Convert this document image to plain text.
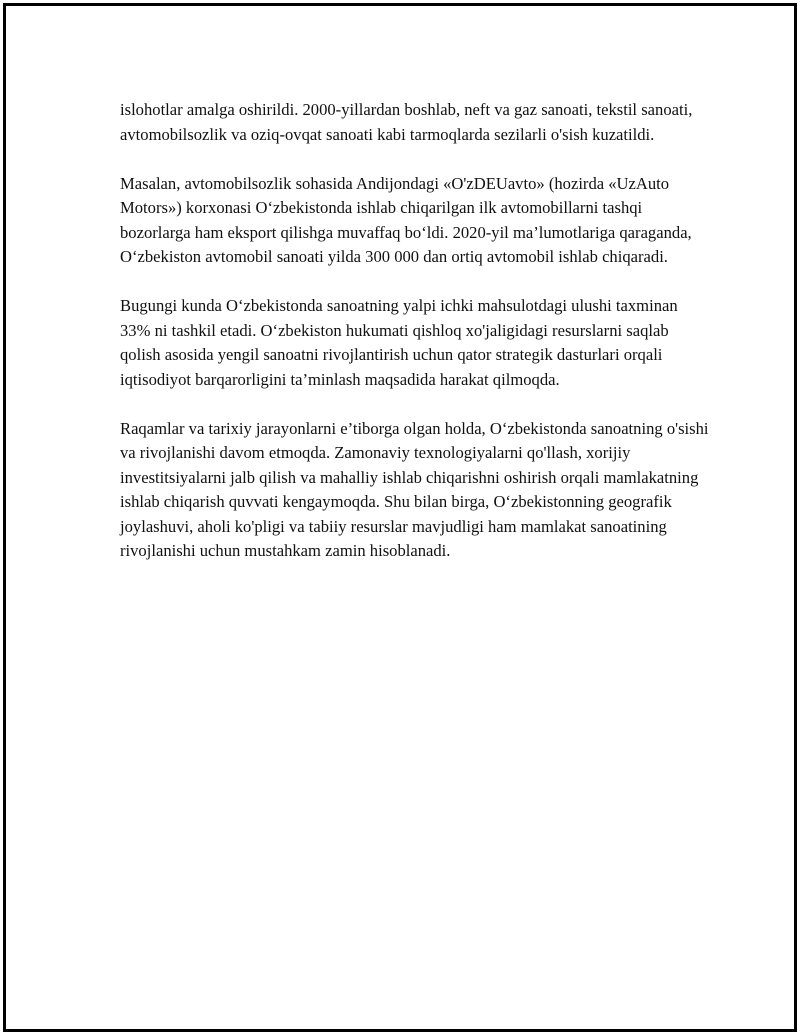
islohotlar amalga oshirildi. 2000-yillardan boshlab, neft va gaz sanoati, tekstil sanoati, avtomobilsozlik va oziq-ovqat sanoati kabi tarmoqlarda sezilarli o'sish kuzatildi.

Masalan, avtomobilsozlik sohasida Andijondagi «O'zDEUavto» (hozirda «UzAuto Motors») korxonasi O‘zbekistonda ishlab chiqarilgan ilk avtomobillarni tashqi bozorlarga ham eksport qilishga muvaffaq bo‘ldi. 2020-yil ma’lumotlariga qaraganda, O‘zbekiston avtomobil sanoati yilda 300 000 dan ortiq avtomobil ishlab chiqaradi.

Bugungi kunda O‘zbekistonda sanoatning yalpi ichki mahsulotdagi ulushi taxminan 33% ni tashkil etadi. O‘zbekiston hukumati qishloq xo'jaligidagi resurslarni saqlab qolish asosida yengil sanoatni rivojlantirish uchun qator strategik dasturlari orqali iqtisodiyot barqarorligini ta’minlash maqsadida harakat qilmoqda.

Raqamlar va tarixiy jarayonlarni e’tiborga olgan holda, O‘zbekistonda sanoatning o'sishi va rivojlanishi davom etmoqda. Zamonaviy texnologiyalarni qo'llash, xorijiy investitsiyalarni jalb qilish va mahalliy ishlab chiqarishni oshirish orqali mamlakatning ishlab chiqarish quvvati kengaymoqda. Shu bilan birga, O‘zbekistonning geografik joylashuvi, aholi ko'pligi va tabiiy resurslar mavjudligi ham mamlakat sanoatining rivojlanishi uchun mustahkam zamin hisoblanadi.
